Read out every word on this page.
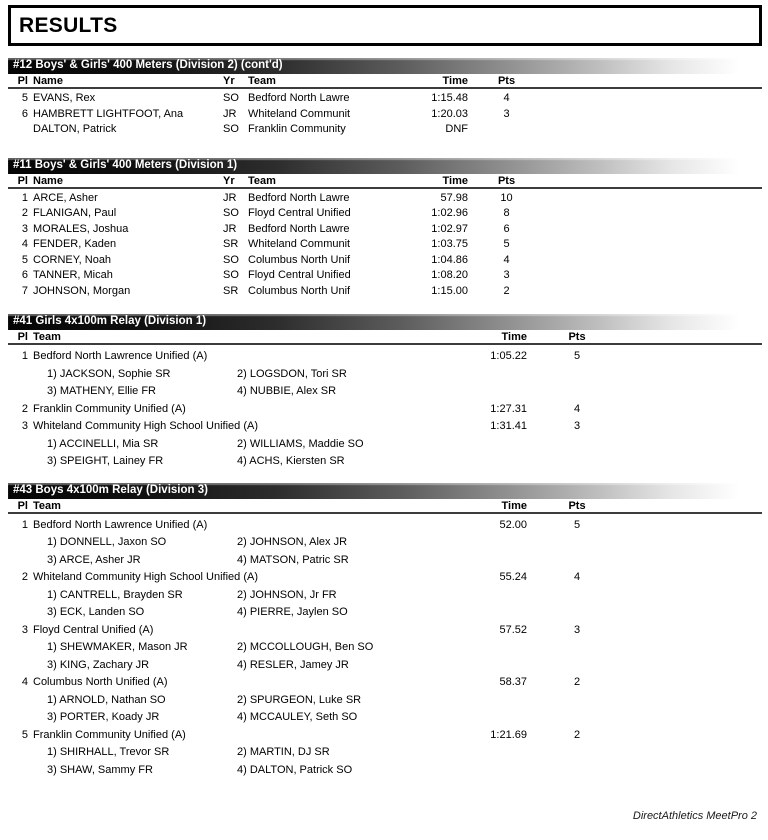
RESULTS
#12 Boys' & Girls' 400 Meters (Division 2) (cont'd)
Pl Name	Yr	Team	Time	Pts
5 EVANS, Rex	SO Bedford North Lawre	1:15.48	4
6 HAMBRETT LIGHTFOOT, Ana	JR	Whiteland Communit	1:20.03	3
DALTON, Patrick	SO Franklin Community	DNF
#11 Boys' & Girls' 400 Meters (Division 1)
Pl Name	Yr	Team	Time	Pts
1 ARCE, Asher	JR	Bedford North Lawre	57.98	10
2 FLANIGAN, Paul	SO Floyd Central Unified	1:02.96	8
3 MORALES, Joshua	JR	Bedford North Lawre	1:02.97	6
4 FENDER, Kaden	SR Whiteland Communit	1:03.75	5
5 CORNEY, Noah	SO Columbus North Unif	1:04.86	4
6 TANNER, Micah	SO Floyd Central Unified	1:08.20	3
7 JOHNSON, Morgan	SR Columbus North Unif	1:15.00	2
#41 Girls 4x100m Relay (Division 1)
Pl Team	Time	Pts
1 Bedford North Lawrence Unified (A)	1:05.22	5
1) JACKSON, Sophie SR	2) LOGSDON, Tori SR
3) MATHENY, Ellie FR	4) NUBBIE, Alex SR
2 Franklin Community Unified (A)	1:27.31	4
3 Whiteland Community High School Unified (A)	1:31.41	3
1) ACCINELLI, Mia SR	2) WILLIAMS, Maddie SO
3) SPEIGHT, Lainey FR	4) ACHS, Kiersten SR
#43 Boys 4x100m Relay (Division 3)
Pl Team	Time	Pts
1 Bedford North Lawrence Unified (A)	52.00	5
1) DONNELL, Jaxon SO	2) JOHNSON, Alex JR
3) ARCE, Asher JR	4) MATSON, Patric SR
2 Whiteland Community High School Unified (A)	55.24	4
1) CANTRELL, Brayden SR	2) JOHNSON, Jr FR
3) ECK, Landen SO	4) PIERRE, Jaylen SO
3 Floyd Central Unified (A)	57.52	3
1) SHEWMAKER, Mason JR	2) MCCOLLOUGH, Ben SO
3) KING, Zachary JR	4) RESLER, Jamey JR
4 Columbus North Unified (A)	58.37	2
1) ARNOLD, Nathan SO	2) SPURGEON, Luke SR
3) PORTER, Koady JR	4) MCCAULEY, Seth SO
5 Franklin Community Unified (A)	1:21.69	2
1) SHIRHALL, Trevor SR	2) MARTIN, DJ SR
3) SHAW, Sammy FR	4) DALTON, Patrick SO
DirectAthletics MeetPro 2
